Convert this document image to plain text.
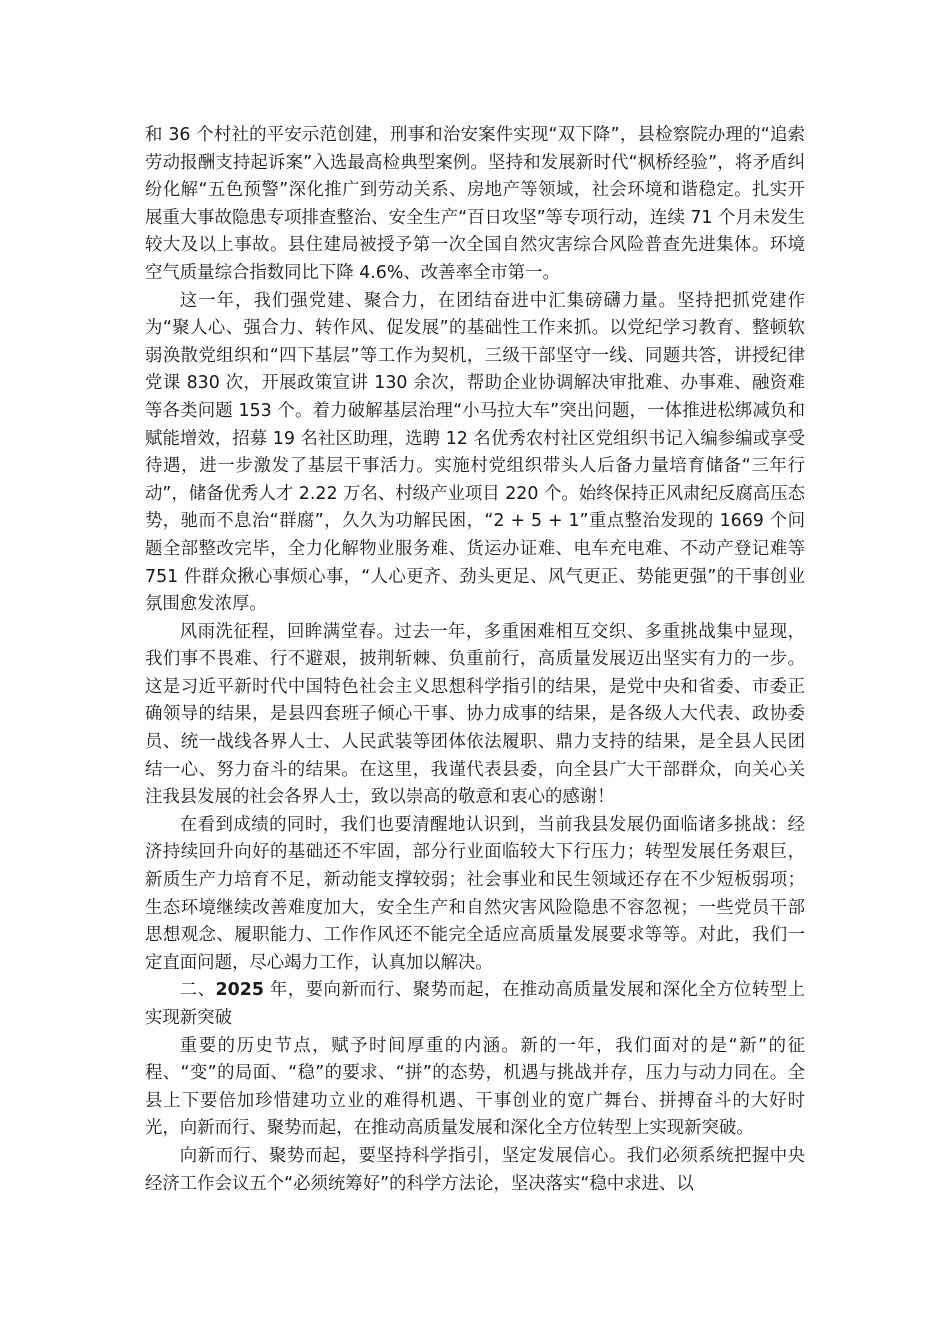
和 36 个村社的平安示范创建，刑事和治安案件实现“双下降”，县检察院办理的“追索劳动报酬支持起诉案”入选最高检典型案例。坚持和发展新时代“枫桥经验”，将矛盾纠纷化解“五色预警”深化推广到劳动关系、房地产等领域，社会环境和谐稳定。扎实开展重大事故隐患专项排查整治、安全生产“百日攻坚”等专项行动，连续 71 个月未发生较大及以上事故。县住建局被授予第一次全国自然灾害综合风险普查先进集体。环境空气质量综合指数同比下降 4.6%、改善率全市第一。

这一年，我们强党建、聚合力，在团结奋进中汇集磅礴力量。坚持把抓党建作为“聚人心、强合力、转作风、促发展”的基础性工作来抓。以党纪学习教育、整顿软弱涣散党组织和“四下基层”等工作为契机，三级干部坚守一线、同题共答，讲授纪律党课 830 次，开展政策宣讲 130 余次，帮助企业协调解决审批难、办事难、融资难等各类问题 153 个。着力破解基层治理“小马拉大车”突出问题，一体推进松绑减负和赋能增效，招募 19 名社区助理，选聘 12 名优秀农村社区党组织书记入编参编或享受待遇，进一步激发了基层干事活力。实施村党组织带头人后备力量培育储备“三年行动”，储备优秀人才 2.22 万名、村级产业项目 220 个。始终保持正风肃纪反腐高压态势，驰而不息治“群腐”，久久为功解民困，“2 + 5 + 1”重点整治发现的 1669 个问题全部整改完毕，全力化解物业服务难、货运办证难、电车充电难、不动产登记难等 751 件群众揪心事烦心事，“人心更齐、劲头更足、风气更正、势能更强”的干事创业氛围愈发浓厚。

风雨洗征程，回眸满堂春。过去一年，多重困难相互交织、多重挑战集中显现，我们事不畏难、行不避艰，披荆斩棘、负重前行，高质量发展迈出坚实有力的一步。这是习近平新时代中国特色社会主义思想科学指引的结果，是党中央和省委、市委正确领导的结果，是县四套班子倾心干事、协力成事的结果，是各级人大代表、政协委员、统一战线各界人士、人民武装等团体依法履职、鼎力支持的结果，是全县人民团结一心、努力奋斗的结果。在这里，我谨代表县委，向全县广大干部群众，向关心关注我县发展的社会各界人士，致以崇高的敬意和衷心的感谢！

在看到成绩的同时，我们也要清醒地认识到，当前我县发展仍面临诸多挑战：经济持续回升向好的基础还不牢固，部分行业面临较大下行压力；转型发展任务艰巨，新质生产力培育不足，新动能支撑较弱；社会事业和民生领域还存在不少短板弱项；生态环境继续改善难度加大，安全生产和自然灾害风险隐患不容忽视；一些党员干部思想观念、履职能力、工作作风还不能完全适应高质量发展要求等等。对此，我们一定直面问题，尽心竭力工作，认真加以解决。

二、2025 年，要向新而行、聚势而起，在推动高质量发展和深化全方位转型上实现新突破

重要的历史节点，赋予时间厚重的内涵。新的一年，我们面对的是“新”的征程、“变”的局面、“稳”的要求、“拼”的态势，机遇与挑战并存，压力与动力同在。全县上下要倍加珍惜建功立业的难得机遇、干事创业的宽广舞台、拼搏奋斗的大好时光，向新而行、聚势而起，在推动高质量发展和深化全方位转型上实现新突破。

向新而行、聚势而起，要坚持科学指引，坚定发展信心。我们必须系统把握中央经济工作会议五个“必须统筹好”的科学方法论，坚决落实“稳中求进、以
